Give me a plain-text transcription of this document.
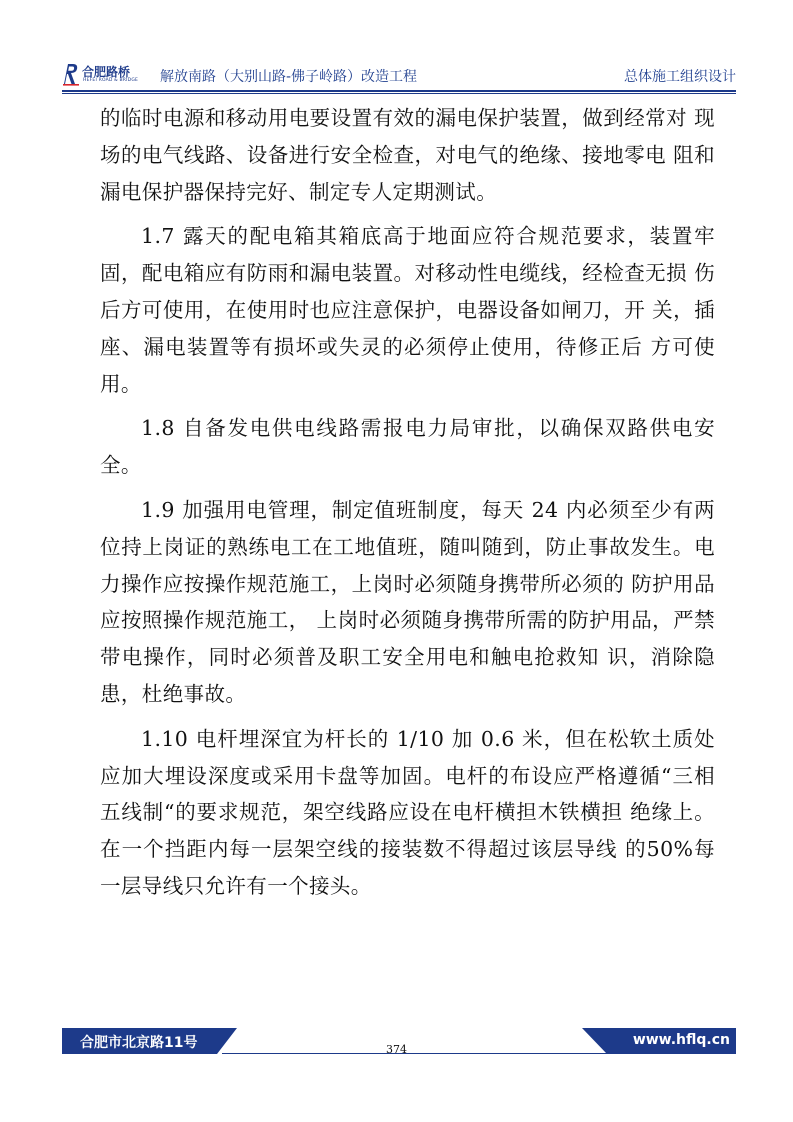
合肥路桥
HEFEI ROAD & BRIDGE 解放南路（大别山路-佛子岭路）改造工程	总体施工组织设计

的临时电源和移动用电要设置有效的漏电保护装置，做到经常对 现场的电气线路、设备进行安全检查，对电气的绝缘、接地零电 阻和漏电保护器保持完好、制定专人定期测试。

1.7 露天的配电箱其箱底高于地面应符合规范要求，装置牢固，配电箱应有防雨和漏电装置。对移动性电缆线，经检查无损 伤后方可使用，在使用时也应注意保护，电器设备如闸刀，开 关，插座、漏电装置等有损坏或失灵的必须停止使用，待修正后 方可使用。

1.8 自备发电供电线路需报电力局审批，以确保双路供电安全。

1.9 加强用电管理，制定值班制度，每天 24 内必须至少有两位持上岗证的熟练电工在工地值班，随叫随到，防止事故发生。电力操作应按操作规范施工，上岗时必须随身携带所必须的 防护用品应按照操作规范施工， 上岗时必须随身携带所需的防护用品，严禁带电操作，同时必须普及职工安全用电和触电抢救知 识，消除隐患，杜绝事故。

1.10 电杆埋深宜为杆长的 1/10 加 0.6 米，但在松软土质处应加大埋设深度或采用卡盘等加固。电杆的布设应严格遵循“三相五线制“的要求规范，架空线路应设在电杆横担木铁横担 绝缘上。在一个挡距内每一层架空线的接装数不得超过该层导线 的50%每一层导线只允许有一个接头。

合肥市北京路11号	www.hflq.cn
374
